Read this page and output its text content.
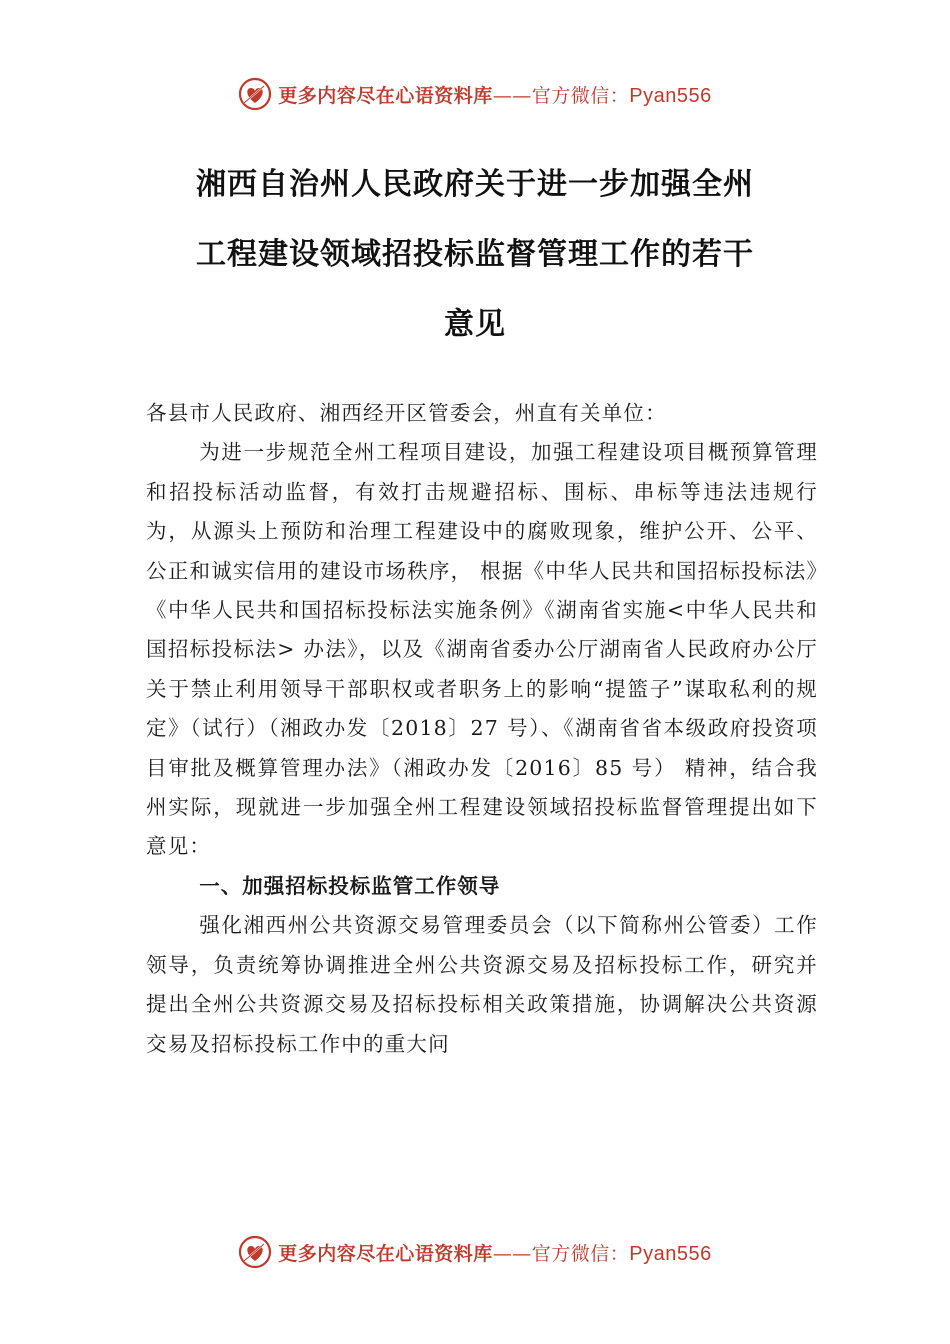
更多内容尽在心语资料库——官方微信：Pyan556
湘西自治州人民政府关于进一步加强全州
工程建设领域招投标监督管理工作的若干
意见

各县市人民政府、湘西经开区管委会，州直有关单位：

为进一步规范全州工程项目建设，加强工程建设项目概预算管理和招投标活动监督，有效打击规避招标、围标、串标等违法违规行为，从源头上预防和治理工程建设中的腐败现象，维护公开、公平、公正和诚实信用的建设市场秩序， 根据《中华人民共和国招标投标法》《中华人民共和国招标投标法实施条例》《湖南省实施<中华人民共和国招标投标法> 办法》，以及《湖南省委办公厅湖南省人民政府办公厅关于禁止利用领导干部职权或者职务上的影响“提篮子”谋取私利的规定》（试行）（湘政办发〔2018〕27 号）、《湖南省省本级政府投资项目审批及概算管理办法》（湘政办发〔2016〕85 号） 精神，结合我州实际，现就进一步加强全州工程建设领域招投标监督管理提出如下意见：

一、加强招标投标监管工作领导

强化湘西州公共资源交易管理委员会（以下简称州公管委）工作领导，负责统筹协调推进全州公共资源交易及招标投标工作，研究并提出全州公共资源交易及招标投标相关政策措施，协调解决公共资源交易及招标投标工作中的重大问

更多内容尽在心语资料库——官方微信：Pyan556
